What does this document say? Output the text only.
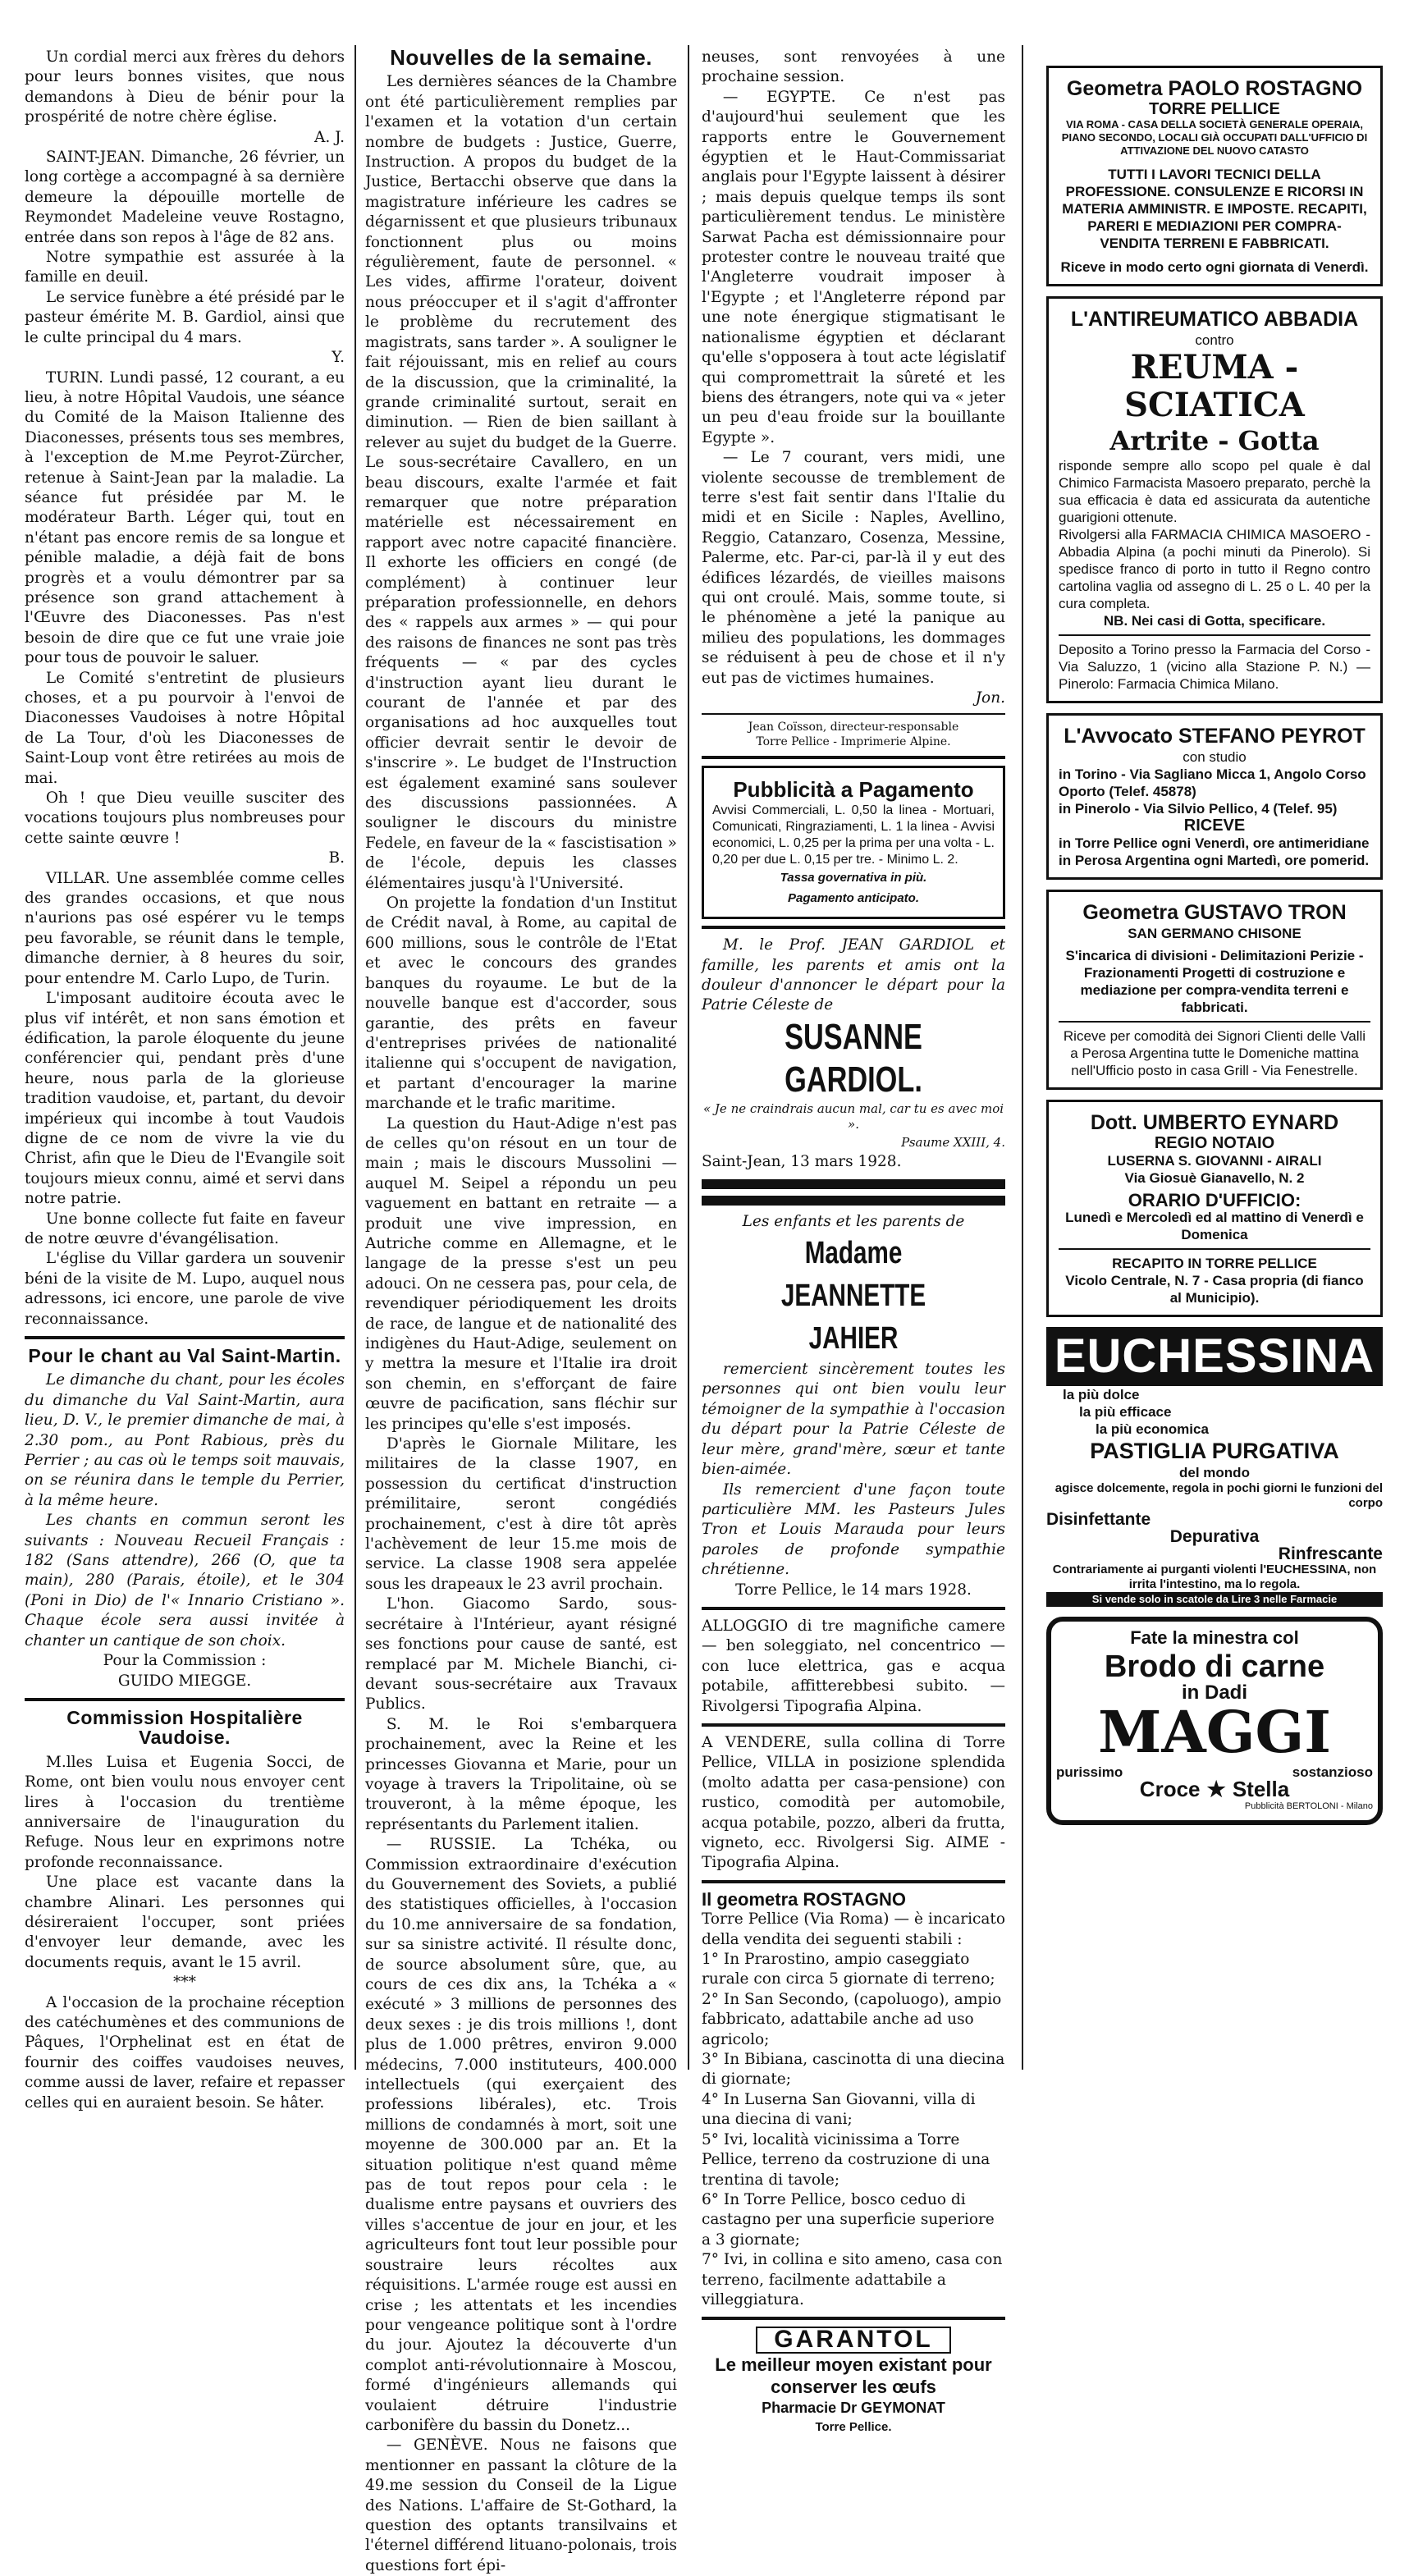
Un cordial merci aux frères du dehors pour leurs bonnes visites, que nous demandons à Dieu de bénir pour la prospérité de notre chère église.

A. J.

SAINT-JEAN. Dimanche, 26 février, un long cortège a accompagné à sa dernière demeure la dépouille mortelle de Reymondet Madeleine veuve Rostagno, entrée dans son repos à l'âge de 82 ans.

Notre sympathie est assurée à la famille en deuil.

Le service funèbre a été présidé par le pasteur émérite M. B. Gardiol, ainsi que le culte principal du 4 mars.

Y.

TURIN. Lundi passé, 12 courant, a eu lieu, à notre Hôpital Vaudois, une séance du Comité de la Maison Italienne des Diaconesses, présents tous ses membres, à l'exception de M.me Peyrot-Zürcher, retenue à Saint-Jean par la maladie. La séance fut présidée par M. le modérateur Barth. Léger qui, tout en n'étant pas encore remis de sa longue et pénible maladie, a déjà fait de bons progrès et a voulu démontrer par sa présence son grand attachement à l'Œuvre des Diaconesses. Pas n'est besoin de dire que ce fut une vraie joie pour tous de pouvoir le saluer.

Le Comité s'entretint de plusieurs choses, et a pu pourvoir à l'envoi de Diaconesses Vaudoises à notre Hôpital de La Tour, d'où les Diaconesses de Saint-Loup vont être retirées au mois de mai.

Oh ! que Dieu veuille susciter des vocations toujours plus nombreuses pour cette sainte œuvre !

B.

VILLAR. Une assemblée comme celles des grandes occasions, et que nous n'aurions pas osé espérer vu le temps peu favorable, se réunit dans le temple, dimanche dernier, à 8 heures du soir, pour entendre M. Carlo Lupo, de Turin.

L'imposant auditoire écouta avec le plus vif intérêt, et non sans émotion et édification, la parole éloquente du jeune conférencier qui, pendant près d'une heure, nous parla de la glorieuse tradition vaudoise, et, partant, du devoir impérieux qui incombe à tout Vaudois digne de ce nom de vivre la vie du Christ, afin que le Dieu de l'Evangile soit toujours mieux connu, aimé et servi dans notre patrie.

Une bonne collecte fut faite en faveur de notre œuvre d'évangélisation.

L'église du Villar gardera un souvenir béni de la visite de M. Lupo, auquel nous adressons, ici encore, une parole de vive reconnaissance.

Pour le chant au Val Saint-Martin.

Le dimanche du chant, pour les écoles du dimanche du Val Saint-Martin, aura lieu, D. V., le premier dimanche de mai, à 2.30 pom., au Pont Rabious, près du Perrier ; au cas où le temps soit mauvais, on se réunira dans le temple du Perrier, à la même heure.

Les chants en commun seront les suivants : Nouveau Recueil Français : 182 (Sans attendre), 266 (O, que ta main), 280 (Parais, étoile), et le 304 (Poni in Dio) de l'« Innario Cristiano ». Chaque école sera aussi invitée à chanter un cantique de son choix.

Pour la Commission :
GUIDO MIEGGE.
Commission Hospitalière Vaudoise.

M.lles Luisa et Eugenia Socci, de Rome, ont bien voulu nous envoyer cent lires à l'occasion du trentième anniversaire de l'inauguration du Refuge. Nous leur en exprimons notre profonde reconnaissance.

Une place est vacante dans la chambre Alinari. Les personnes qui désireraient l'occuper, sont priées d'envoyer leur demande, avec les documents requis, avant le 15 avril.

***

A l'occasion de la prochaine réception des catéchumènes et des communions de Pâques, l'Orphelinat est en état de fournir des coiffes vaudoises neuves, comme aussi de laver, refaire et repasser celles qui en auraient besoin. Se hâter.

Nouvelles de la semaine.

Les dernières séances de la Chambre ont été particulièrement remplies par l'examen et la votation d'un certain nombre de budgets : Justice, Guerre, Instruction. A propos du budget de la Justice, Bertacchi observe que dans la magistrature inférieure les cadres se dégarnissent et que plusieurs tribunaux fonctionnent plus ou moins régulièrement, faute de personnel. « Les vides, affirme l'orateur, doivent nous préoccuper et il s'agit d'affronter le problème du recrutement des magistrats, sans tarder ». A souligner le fait réjouissant, mis en relief au cours de la discussion, que la criminalité, la grande criminalité surtout, serait en diminution. — Rien de bien saillant à relever au sujet du budget de la Guerre. Le sous-secrétaire Cavallero, en un beau discours, exalte l'armée et fait remarquer que notre préparation matérielle est nécessairement en rapport avec notre capacité financière. Il exhorte les officiers en congé (de complément) à continuer leur préparation professionnelle, en dehors des « rappels aux armes » — qui pour des raisons de finances ne sont pas très fréquents — « par des cycles d'instruction ayant lieu durant le courant de l'année et par des organisations ad hoc auxquelles tout officier devrait sentir le devoir de s'inscrire ». Le budget de l'Instruction est également examiné sans soulever des discussions passionnées. A souligner le discours du ministre Fedele, en faveur de la « fascistisation » de l'école, depuis les classes élémentaires jusqu'à l'Université.

On projette la fondation d'un Institut de Crédit naval, à Rome, au capital de 600 millions, sous le contrôle de l'Etat et avec le concours des grandes banques du royaume. Le but de la nouvelle banque est d'accorder, sous garantie, des prêts en faveur d'entreprises privées de nationalité italienne qui s'occupent de navigation, et partant d'encourager la marine marchande et le trafic maritime.

La question du Haut-Adige n'est pas de celles qu'on résout en un tour de main ; mais le discours Mussolini — auquel M. Seipel a répondu un peu vaguement en battant en retraite — a produit une vive impression, en Autriche comme en Allemagne, et le langage de la presse s'est un peu adouci. On ne cessera pas, pour cela, de revendiquer périodiquement les droits de race, de langue et de nationalité des indigènes du Haut-Adige, seulement on y mettra la mesure et l'Italie ira droit son chemin, en s'efforçant de faire œuvre de pacification, sans fléchir sur les principes qu'elle s'est imposés.

D'après le Giornale Militare, les militaires de la classe 1907, en possession du certificat d'instruction prémilitaire, seront congédiés prochainement, c'est à dire tôt après l'achèvement de leur 15.me mois de service. La classe 1908 sera appelée sous les drapeaux le 23 avril prochain.

L'hon. Giacomo Sardo, sous-secrétaire à l'Intérieur, ayant résigné ses fonctions pour cause de santé, est remplacé par M. Michele Bianchi, ci-devant sous-secrétaire aux Travaux Publics.

S. M. le Roi s'embarquera prochainement, avec la Reine et les princesses Giovanna et Marie, pour un voyage à travers la Tripolitaine, où se trouveront, à la même époque, les représentants du Parlement italien.

— RUSSIE. La Tchéka, ou Commission extraordinaire d'exécution du Gouvernement des Soviets, a publié des statistiques officielles, à l'occasion du 10.me anniversaire de sa fondation, sur sa sinistre activité. Il résulte donc, de source absolument sûre, que, au cours de ces dix ans, la Tchéka a « exécuté » 3 millions de personnes des deux sexes : je dis trois millions !, dont plus de 1.000 prêtres, environ 9.000 médecins, 7.000 instituteurs, 400.000 intellectuels (qui exerçaient des professions libérales), etc. Trois millions de condamnés à mort, soit une moyenne de 300.000 par an. Et la situation politique n'est quand même pas de tout repos pour cela : le dualisme entre paysans et ouvriers des villes s'accentue de jour en jour, et les agriculteurs font tout leur possible pour soustraire leurs récoltes aux réquisitions. L'armée rouge est aussi en crise ; les attentats et les incendies pour vengeance politique sont à l'ordre du jour. Ajoutez la découverte d'un complot anti-révolutionnaire à Moscou, formé d'ingénieurs allemands qui voulaient détruire l'industrie carbonifère du bassin du Donetz...

— GENÈVE. Nous ne faisons que mentionner en passant la clôture de la 49.me session du Conseil de la Ligue des Nations. L'affaire de St-Gothard, la question des optants transilvains et l'éternel différend lituano-polonais, trois questions fort épi-

neuses, sont renvoyées à une prochaine session.

— EGYPTE. Ce n'est pas d'aujourd'hui seulement que les rapports entre le Gouvernement égyptien et le Haut-Commissariat anglais pour l'Egypte laissent à désirer ; mais depuis quelque temps ils sont particulièrement tendus. Le ministère Sarwat Pacha est démissionnaire pour protester contre le nouveau traité que l'Angleterre voudrait imposer à l'Egypte ; et l'Angleterre répond par une note énergique stigmatisant le nationalisme égyptien et déclarant qu'elle s'opposera à tout acte législatif qui compromettrait la sûreté et les biens des étrangers, note qui va « jeter un peu d'eau froide sur la bouillante Egypte ».

— Le 7 courant, vers midi, une violente secousse de tremblement de terre s'est fait sentir dans l'Italie du midi et en Sicile : Naples, Avellino, Reggio, Catanzaro, Cosenza, Messine, Palerme, etc. Par-ci, par-là il y eut des édifices lézardés, de vieilles maisons qui ont croulé. Mais, somme toute, si le phénomène a jeté la panique au milieu des populations, les dommages se réduisent à peu de chose et il n'y eut pas de victimes humaines.

Jon.
Jean Coïsson, directeur-responsable
Torre Pellice - Imprimerie Alpine.
Pubblicità a Pagamento
Avvisi Commerciali, L. 0,50 la linea - Mortuari, Comunicati, Ringraziamenti, L. 1 la linea - Avvisi economici, L. 0,25 per la prima per una volta - L. 0,20 per due L. 0,15 per tre. - Minimo L. 2.
Tassa governativa in più.
Pagamento anticipato.

M. le Prof. JEAN GARDIOL et famille, les parents et amis ont la douleur d'annoncer le départ pour la Patrie Céleste de

SUSANNE GARDIOL.
« Je ne craindrais aucun mal, car tu es avec moi ».
Psaume XXIII, 4.
Saint-Jean, 13 mars 1928.
Les enfants et les parents de
Madame JEANNETTE JAHIER

remercient sincèrement toutes les personnes qui ont bien voulu leur témoigner de la sympathie à l'occasion du départ pour la Patrie Céleste de leur mère, grand'mère, sœur et tante bien-aimée.

Ils remercient d'une façon toute particulière MM. les Pasteurs Jules Tron et Louis Marauda pour leurs paroles de profonde sympathie chrétienne.

Torre Pellice, le 14 mars 1928.

ALLOGGIO di tre magnifiche camere — ben soleggiato, nel concentrico — con luce elettrica, gas e acqua potabile, affitterebbesi subito. — Rivolgersi Tipografia Alpina.

A VENDERE, sulla collina di Torre Pellice, VILLA in posizione splendida (molto adatta per casa-pensione) con rustico, comodità per automobile, acqua potabile, pozzo, alberi da frutta, vigneto, ecc. Rivolgersi Sig. AIME - Tipografia Alpina.

Il geometra ROSTAGNO

Torre Pellice (Via Roma) — è incaricato della vendita dei seguenti stabili :

1° In Prarostino, ampio caseggiato rurale con circa 5 giornate di terreno;
2° In San Secondo, (capoluogo), ampio fabbricato, adattabile anche ad uso agricolo;
3° In Bibiana, cascinotta di una diecina di giornate;
4° In Luserna San Giovanni, villa di una diecina di vani;
5° Ivi, località vicinissima a Torre Pellice, terreno da costruzione di una trentina di tavole;
6° In Torre Pellice, bosco ceduo di castagno per una superficie superiore a 3 giornate;
7° Ivi, in collina e sito ameno, casa con terreno, facilmente adattabile a villeggiatura.
GARANTOL
Le meilleur moyen existant pour conserver les œufs
Pharmacie Dr GEYMONAT
Torre Pellice.
Geometra PAOLO ROSTAGNO
TORRE PELLICE
VIA ROMA - CASA DELLA SOCIETÀ GENERALE OPERAIA, PIANO SECONDO, LOCALI GIÀ OCCUPATI DALL'UFFICIO DI ATTIVAZIONE DEL NUOVO CATASTO
TUTTI I LAVORI TECNICI DELLA PROFESSIONE. CONSULENZE E RICORSI IN MATERIA AMMINISTR. E IMPOSTE. RECAPITI, PARERI E MEDIAZIONI PER COMPRA-VENDITA TERRENI E FABBRICATI.
Riceve in modo certo ogni giornata di Venerdì.
L'ANTIREUMATICO ABBADIA
contro
REUMA - SCIATICA
Artrite - Gotta
risponde sempre allo scopo pel quale è dal Chimico Farmacista Masoero preparato, perchè la sua efficacia è data ed assicurata da autentiche guarigioni ottenute.
Rivolgersi alla FARMACIA CHIMICA MASOERO - Abbadia Alpina (a pochi minuti da Pinerolo). Si spedisce franco di porto in tutto il Regno contro cartolina vaglia od assegno di L. 25 o L. 40 per la cura completa.
NB. Nei casi di Gotta, specificare.
Deposito a Torino presso la Farmacia del Corso - Via Saluzzo, 1 (vicino alla Stazione P. N.) — Pinerolo: Farmacia Chimica Milano.
L'Avvocato STEFANO PEYROT
con studio
in Torino - Via Sagliano Micca 1, Angolo Corso Oporto (Telef. 45878)
in Pinerolo - Via Silvio Pellico, 4 (Telef. 95)
RICEVE
in Torre Pellice ogni Venerdì, ore antimeridiane in Perosa Argentina ogni Martedì, ore pomerid.
Geometra GUSTAVO TRON
SAN GERMANO CHISONE
S'incarica di divisioni - Delimitazioni Perizie - Frazionamenti Progetti di costruzione e mediazione per compra-vendita terreni e fabbricati.
Riceve per comodità dei Signori Clienti delle Valli a Perosa Argentina tutte le Domeniche mattina nell'Ufficio posto in casa Grill - Via Fenestrelle.
Dott. UMBERTO EYNARD
REGIO NOTAIO
LUSERNA S. GIOVANNI - AIRALI
Via Giosuè Gianavello, N. 2
ORARIO D'UFFICIO:
Lunedì e Mercoledì ed al mattino di Venerdì e Domenica
RECAPITO IN TORRE PELLICE
Vicolo Centrale, N. 7 - Casa propria (di fianco al Municipio).
EUCHESSINA
la più dolce
la più efficace
la più economica
PASTIGLIA PURGATIVA
del mondo
agisce dolcemente, regola in pochi giorni le funzioni del corpo
Disinfettante
Depurativa
Rinfrescante
Contrariamente ai purganti violenti l'EUCHESSINA, non irrita l'intestino, ma lo regola.
Si vende solo in scatole da Lire 3 nelle Farmacie
Fate la minestra col
Brodo di carne
in Dadi
MAGGI
purissimo	sostanzioso
Croce ★ Stella
Pubblicità BERTOLONI - Milano
